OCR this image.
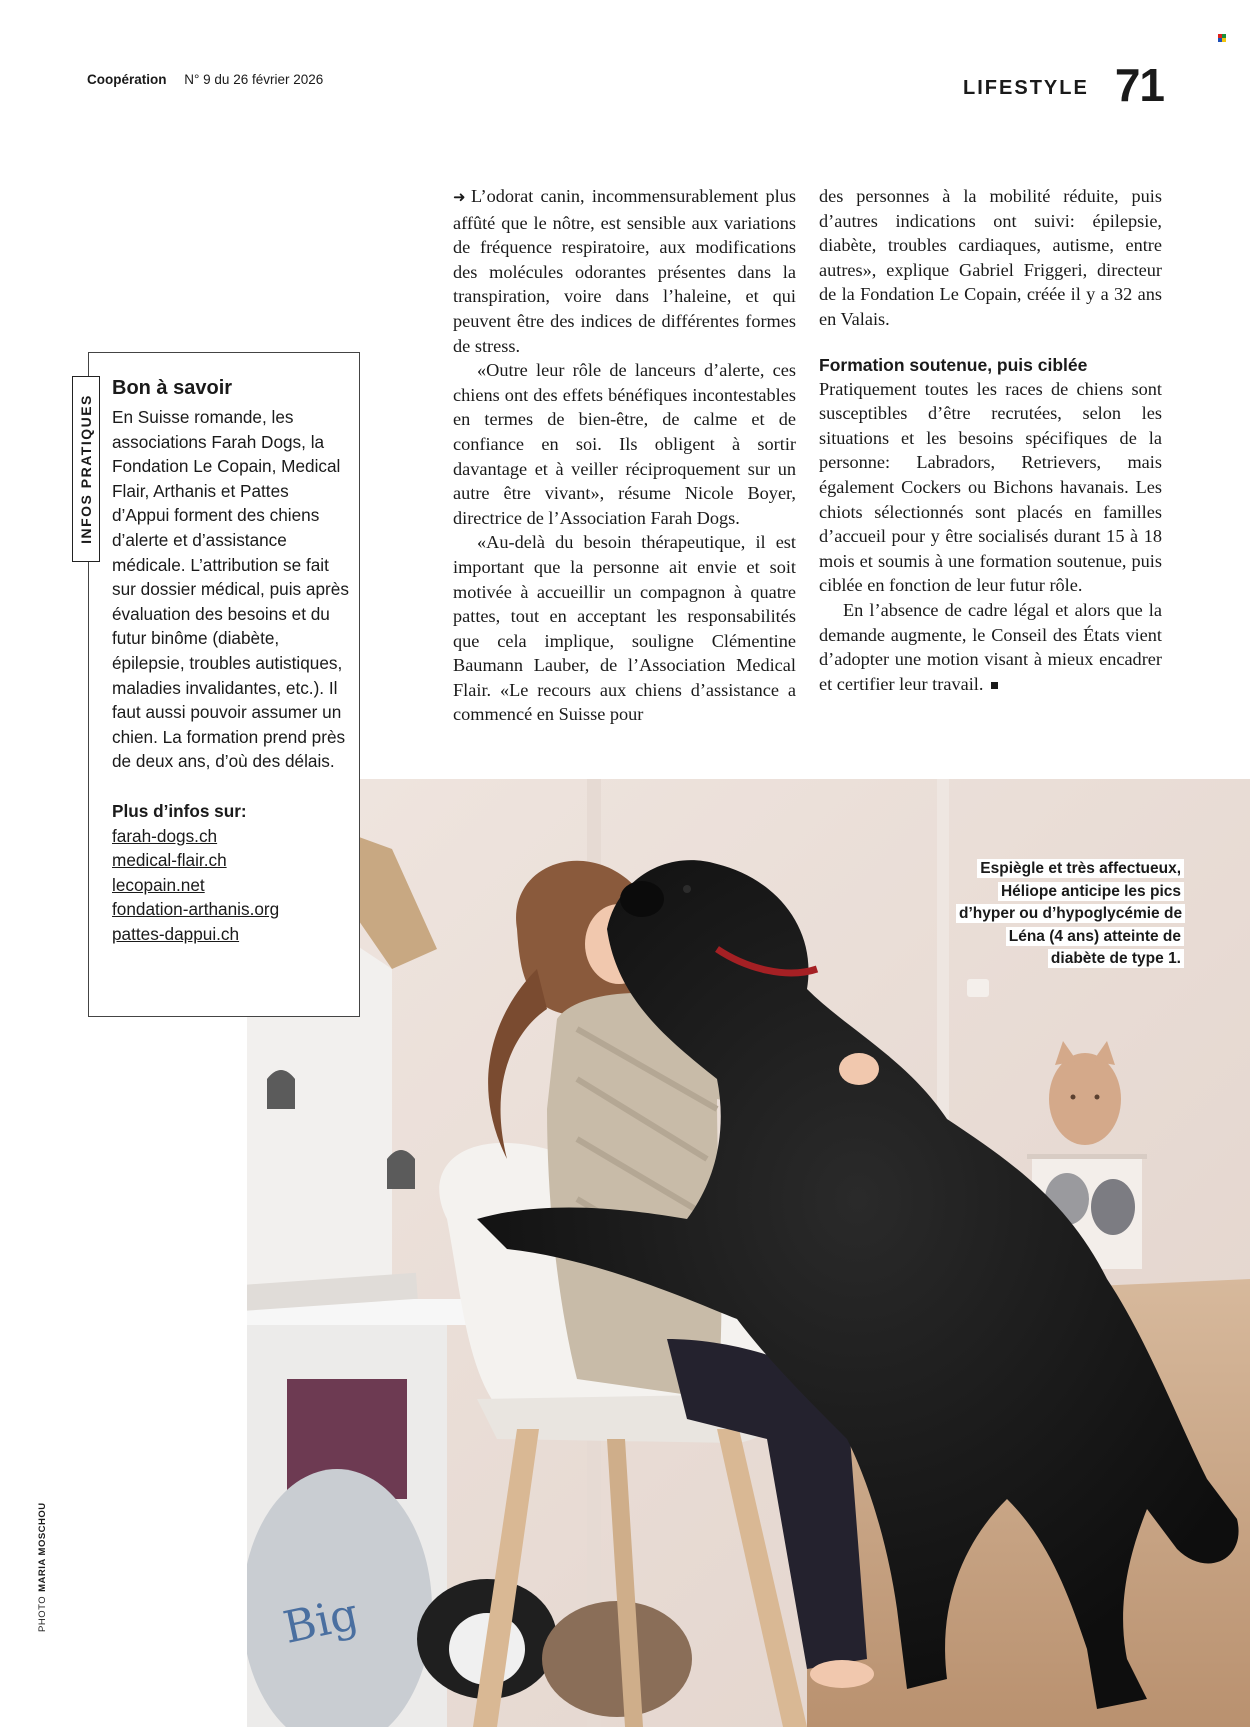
Coopération N° 9 du 26 février 2026	LIFESTYLE 71

➜ L’odorat canin, incommensurablement plus affûté que le nôtre, est sensible aux variations de fréquence respiratoire, aux modifications des molécules odorantes présentes dans la transpiration, voire dans l’haleine, et qui peuvent être des indices de différentes formes de stress.

«Outre leur rôle de lanceurs d’alerte, ces chiens ont des effets bénéfiques incontestables en termes de bien-être, de calme et de confiance en soi. Ils obligent à sortir davantage et à veiller réciproquement sur un autre être vivant», résume Nicole Boyer, directrice de l’Association Farah Dogs.

«Au-delà du besoin thérapeutique, il est important que la personne ait envie et soit motivée à accueillir un compagnon à quatre pattes, tout en acceptant les responsabilités que cela implique, souligne Clémentine Baumann Lauber, de l’Association Medical Flair. «Le recours aux chiens d’assistance a commencé en Suisse pour

des personnes à la mobilité réduite, puis d’autres indications ont suivi: épilepsie, diabète, troubles cardiaques, autisme, entre autres», explique Gabriel Friggeri, directeur de la Fondation Le Copain, créée il y a 32 ans en Valais.

Formation soutenue, puis ciblée

Pratiquement toutes les races de chiens sont susceptibles d’être recrutées, selon les situations et les besoins spécifiques de la personne: Labradors, Retrievers, mais également Cockers ou Bichons havanais. Les chiots sélectionnés sont placés en familles d’accueil pour y être socialisés durant 15 à 18 mois et soumis à une formation soutenue, puis ciblée en fonction de leur futur rôle.

En l’absence de cadre légal et alors que la demande augmente, le Conseil des États vient d’adopter une motion visant à mieux encadrer et certifier leur travail.

INFOS PRATIQUES
Bon à savoir

En Suisse romande, les associations Farah Dogs, la Fondation Le Copain, Medical Flair, Arthanis et Pattes d’Appui forment des chiens d’alerte et d’assistance médicale. L’attribution se fait sur dossier médical, puis après évaluation des besoins et du futur binôme (diabète, épilepsie, troubles autistiques, maladies invalidantes, etc.). Il faut aussi pouvoir assumer un chien. La formation prend près de deux ans, d’où des délais.

Plus d’infos sur:

farah-dogs.ch
medical-flair.ch
lecopain.net
fondation-arthanis.org
pattes-dappui.ch
Big
Espiègle et très affectueux, Héliope anticipe les pics d’hyper ou d’hypoglycémie de Léna (4 ans) atteinte de diabète de type 1.
PHOTOMARIA MOSCHOU
